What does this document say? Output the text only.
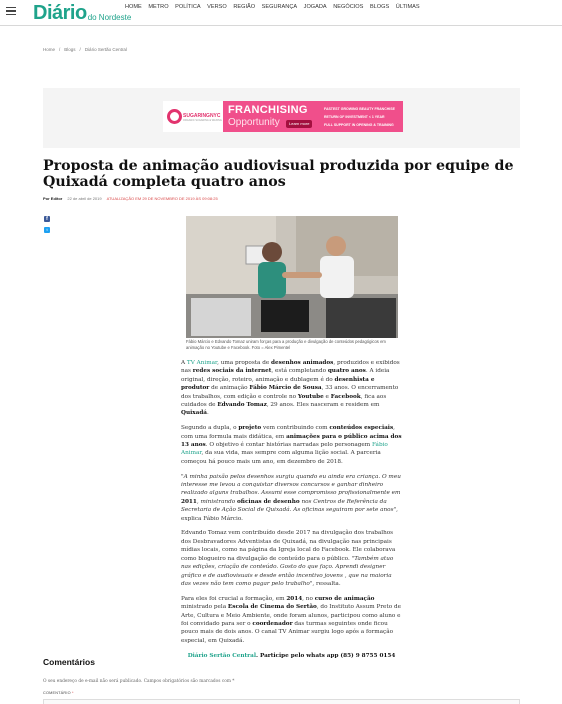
Diáriodo Nordeste
HOME METRO POLÍTICA VERSO REGIÃO SEGURANÇA JOGADA NEGÓCIOS BLOGS ÚLTIMAS
Home / Blogs / Diário Sertão Central
SUGARINGNYC
ORGANIC SUGARING & WAXING
FRANCHISING
Opportunity	Learn more
FASTEST GROWING BEAUTY FRANCHISE
RETURN OF INVESTMENT < 1 YEAR
FULL SUPPORT IN OPENING & TRAINING
Proposta de animação audiovisual produzida por equipe de Quixadá completa quatro anos
Por Editor 22 de abril de 2019 ATUALIZAÇÃO EM 29 DE NOVEMBRO DE 2019 ÀS 09:08:25
f
t
Fábio Márcio e Edvando Tomaz uniram forças para a produção e divulgação de conteúdos pedagógicos em animação no Youtube e Facebook. Foto = Alex Pimentel

A TV Animar, uma proposta de desenhos animados, produzidos e exibidos nas redes sociais da internet, está completando quatro anos. A ideia original, direção, roteiro, animação e dublagem é do desenhista e produtor de animação Fábio Márcio de Sousa, 33 anos. O encerramento dos trabalhos, com edição e controle no Youtube e Facebook, fica aos cuidados de Edvando Tomaz, 29 anos. Eles nasceram e residem em Quixadá.

Segundo a dupla, o projeto vem contribuindo com conteúdos especiais, com uma formula mais didática, em animações para o público acima dos 13 anos. O objetivo é contar histórias narradas pelo personagem Fábio Animar, da sua vida, mas sempre com alguma lição social. A parceria começou há pouco mais um ano, em dezembro de 2018.

"A minha paixão pelos desenhos surgiu quando eu ainda era criança. O meu interesse me levou a conquistar diversos concursos e ganhar dinheiro realizado alguns trabalhos. Assumi esse compromisso profissionalmente em 2011, ministrando oficinas de desenho nos Centros de Referência da Secretaria de Ação Social de Quixadá. As oficinas seguiram por sete anos", explica Fábio Márcio.

Edvando Tomaz vem contribuído desde 2017 na divulgação dos trabalhos dos Desbravadores Adventistas de Quixadá, na divulgação nas principais mídias locais, como na página da Igreja local do Facebook. Ele colaborava como blogueiro na divulgação de conteúdo para o público. "Também atuo nas edições, criação de conteúdo. Gosto do que faço. Aprendi designer gráfico e de audiovisuais e desde então incentivo jovens , que na maioria das vezes não tem como pagar pelo trabalho", ressalta.

Para eles foi crucial a formação, em 2014, no curso de animação ministrado pela Escola de Cinema do Sertão, do Instituto Assum Preto de Arte, Cultura e Meio Ambiente, onde foram alunos, participou como aluno e foi convidado para ser o coordenador das turmas seguintes onde ficou pouco mais de dois anos. O canal TV Animar surgiu logo após a formação especial, em Quixadá.

Diário Sertão Central. Participe pelo whats app (85) 9 8755 0154

Comentários
O seu endereço de e-mail não será publicado. Campos obrigatórios são marcados com *
COMENTÁRIO *
